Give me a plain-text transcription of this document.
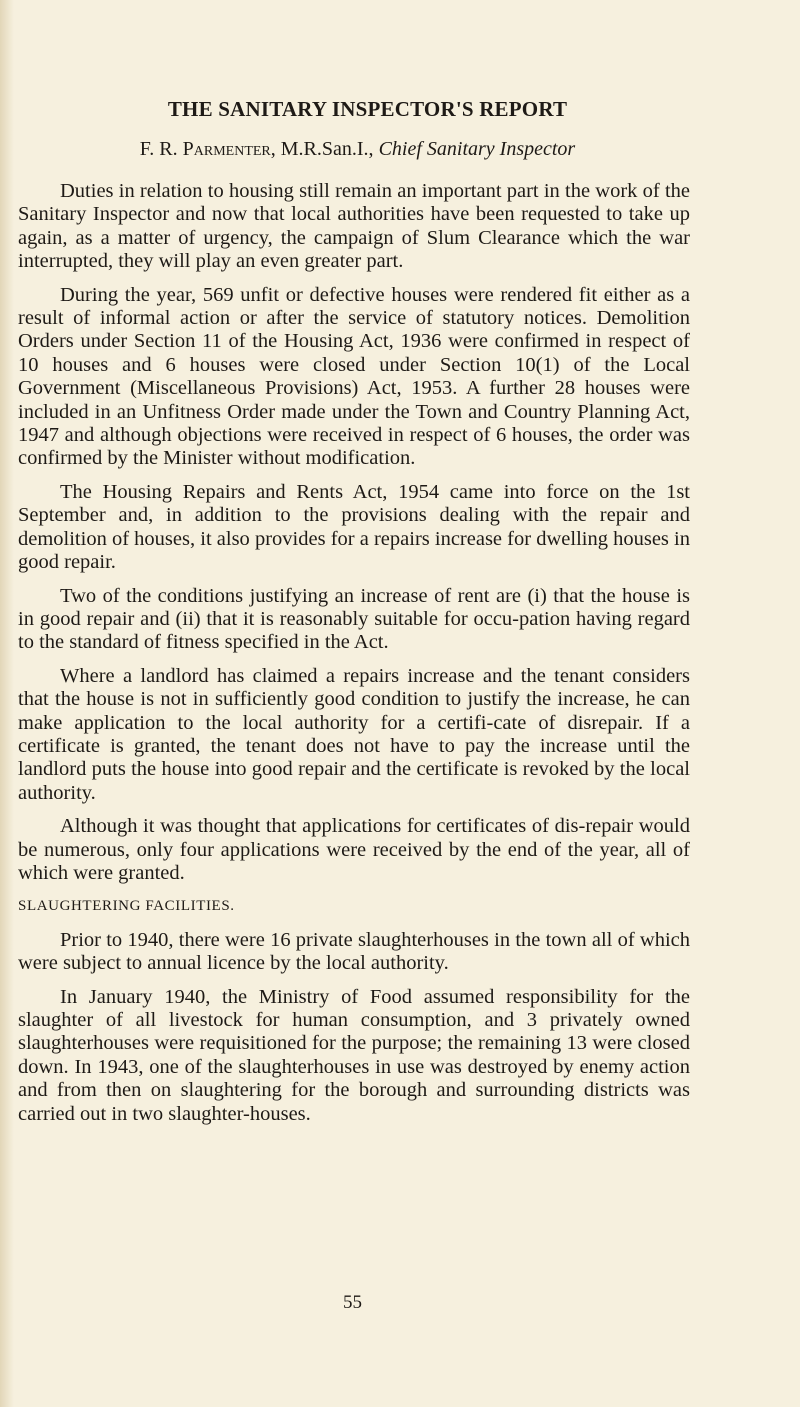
THE SANITARY INSPECTOR'S REPORT
F. R. Parmenter, M.R.San.I., Chief Sanitary Inspector

Duties in relation to housing still remain an important part in the work of the Sanitary Inspector and now that local authorities have been requested to take up again, as a matter of urgency, the campaign of Slum Clearance which the war interrupted, they will play an even greater part.

During the year, 569 unfit or defective houses were rendered fit either as a result of informal action or after the service of statutory notices. Demolition Orders under Section 11 of the Housing Act, 1936 were confirmed in respect of 10 houses and 6 houses were closed under Section 10(1) of the Local Government (Miscellaneous Provisions) Act, 1953. A further 28 houses were included in an Unfitness Order made under the Town and Country Planning Act, 1947 and although objections were received in respect of 6 houses, the order was confirmed by the Minister without modification.

The Housing Repairs and Rents Act, 1954 came into force on the 1st September and, in addition to the provisions dealing with the repair and demolition of houses, it also provides for a repairs increase for dwelling houses in good repair.

Two of the conditions justifying an increase of rent are (i) that the house is in good repair and (ii) that it is reasonably suitable for occu-pation having regard to the standard of fitness specified in the Act.

Where a landlord has claimed a repairs increase and the tenant considers that the house is not in sufficiently good condition to justify the increase, he can make application to the local authority for a certifi-cate of disrepair. If a certificate is granted, the tenant does not have to pay the increase until the landlord puts the house into good repair and the certificate is revoked by the local authority.

Although it was thought that applications for certificates of dis-repair would be numerous, only four applications were received by the end of the year, all of which were granted.

SLAUGHTERING FACILITIES.

Prior to 1940, there were 16 private slaughterhouses in the town all of which were subject to annual licence by the local authority.

In January 1940, the Ministry of Food assumed responsibility for the slaughter of all livestock for human consumption, and 3 privately owned slaughterhouses were requisitioned for the purpose; the remaining 13 were closed down. In 1943, one of the slaughterhouses in use was destroyed by enemy action and from then on slaughtering for the borough and surrounding districts was carried out in two slaughter-houses.

55
